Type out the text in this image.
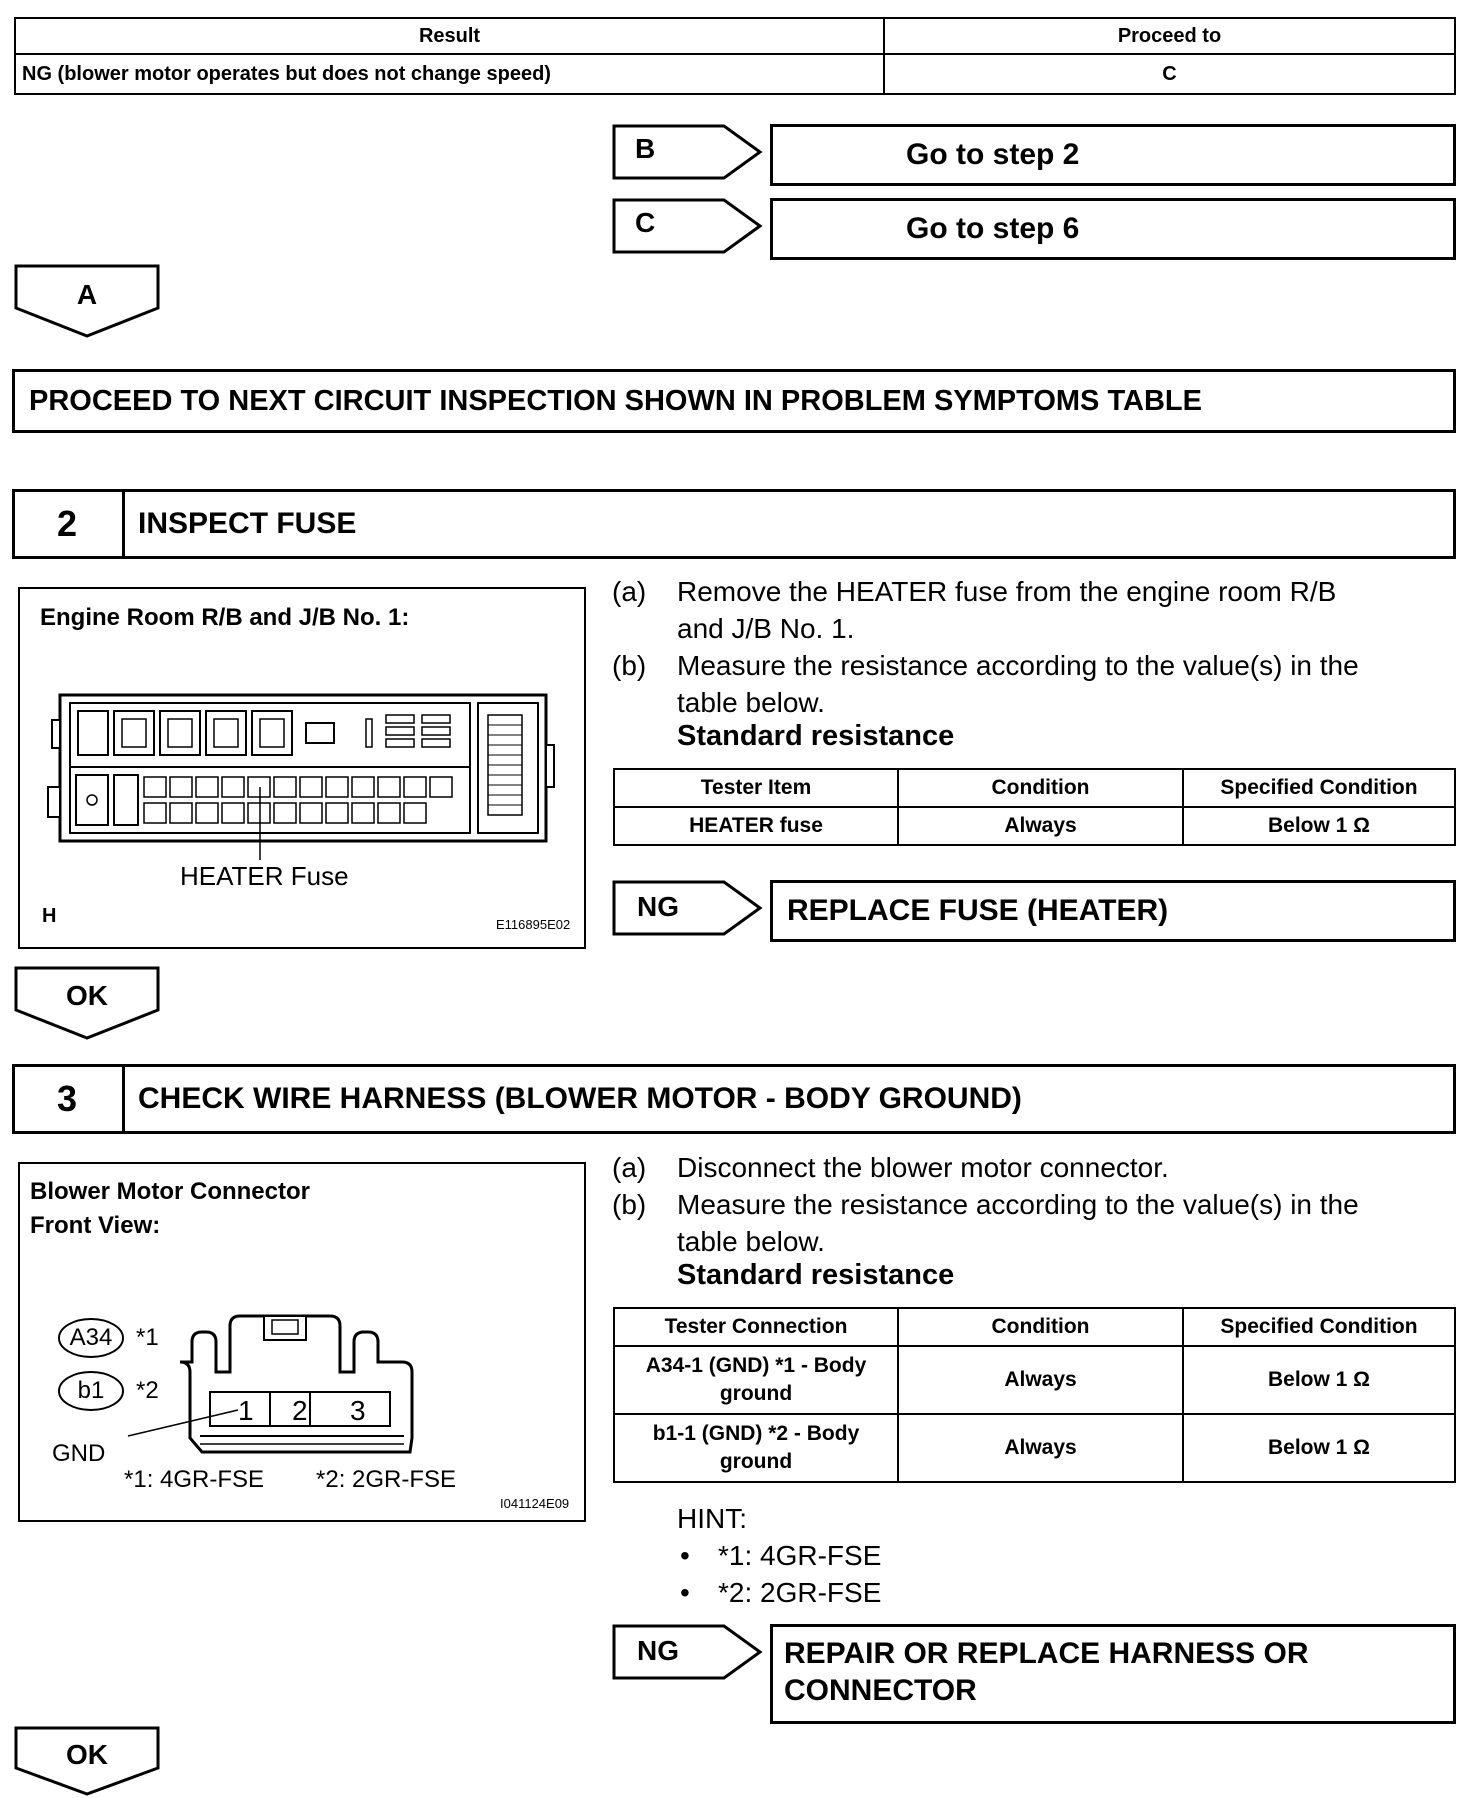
Result	Proceed to
NG (blower motor operates but does not change speed)	C
B	Go to step 2
C	Go to step 6
A
PROCEED TO NEXT CIRCUIT INSPECTION SHOWN IN PROBLEM SYMPTOMS TABLE
2	INSPECT FUSE
Engine Room R/B and J/B No. 1:
HEATER Fuse
H	E116895E02
(a) Remove the HEATER fuse from the engine room R/B
and J/B No. 1.
(b) Measure the resistance according to the value(s) in the
table below.
Standard resistance
Tester Item	Condition	Specified Condition
HEATER fuse	Always	Below 1 Ω
NG	REPLACE FUSE (HEATER)
OK
3	CHECK WIRE HARNESS (BLOWER MOTOR - BODY GROUND)
Blower Motor Connector
Front View:
A34 *1
b1	*2
1 2 3
GND
*1: 4GR-FSE *2: 2GR-FSE
I041124E09
(a) Disconnect the blower motor connector.
(b) Measure the resistance according to the value(s) in the
table below.
Standard resistance
Tester Connection	Condition	Specified Condition

A34-1 (GND) *1 - Body
ground	Always	Below 1 Ω

b1-1 (GND) *2 - Body
ground	Always	Below 1 Ω
HINT:
• *1: 4GR-FSE
• *2: 2GR-FSE
NG	REPAIR OR REPLACE HARNESS OR
CONNECTOR
OK
